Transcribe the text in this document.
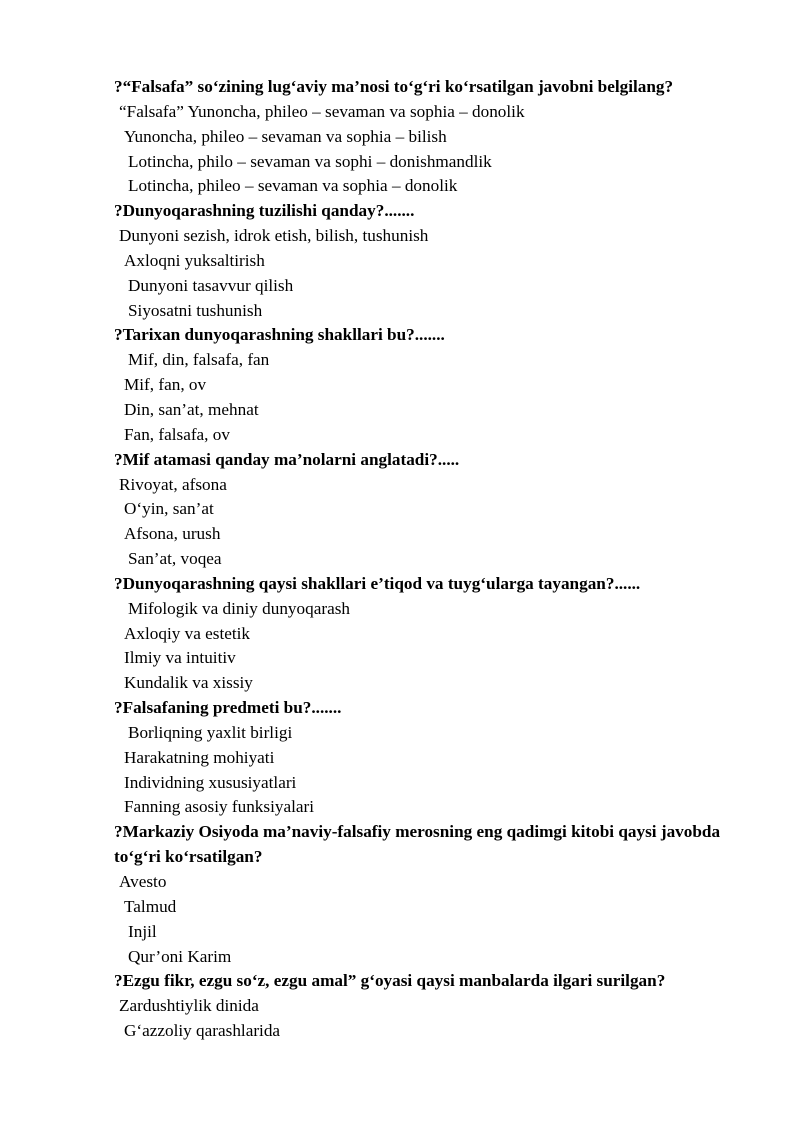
?“Falsafa” so‘zining lug‘aviy ma’nosi to‘g‘ri ko‘rsatilgan javobni belgilang?
“Falsafa” Yunoncha, phileo – sevaman va sophia – donolik
Yunoncha, phileo – sevaman va sophia – bilish
Lotincha, philo – sevaman va sophi – donishmandlik
Lotincha, phileo – sevaman va sophia – donolik
?Dunyoqarashning tuzilishi qanday?.......
Dunyoni sezish, idrok etish, bilish, tushunish
Axloqni yuksaltirish
Dunyoni tasavvur qilish
Siyosatni tushunish
?Tarixan dunyoqarashning shakllari bu?.......
Mif, din, falsafa, fan
Mif, fan, ov
Din, san’at, mehnat
Fan, falsafa, ov
?Mif atamasi qanday ma’nolarni anglatadi?.....
Rivoyat, afsona
O‘yin, san’at
Afsona, urush
San’at, voqea
?Dunyoqarashning qaysi shakllari e’tiqod va tuyg‘ularga tayangan?......
Mifologik va diniy dunyoqarash
Axloqiy va estetik
Ilmiy va intuitiv
Kundalik va xissiy
?Falsafaning predmeti bu?.......
Borliqning yaxlit birligi
Harakatning mohiyati
Individning xususiyatlari
Fanning asosiy funksiyalari
?Markaziy Osiyoda ma’naviy-falsafiy merosning eng qadimgi kitobi qaysi javobda to‘g‘ri ko‘rsatilgan?
Avesto
Talmud
Injil
Qur’oni Karim
?Ezgu fikr, ezgu so‘z, ezgu amal” g‘oyasi qaysi manbalarda ilgari surilgan?
Zardushtiylik dinida
G‘azzoliy qarashlarida
